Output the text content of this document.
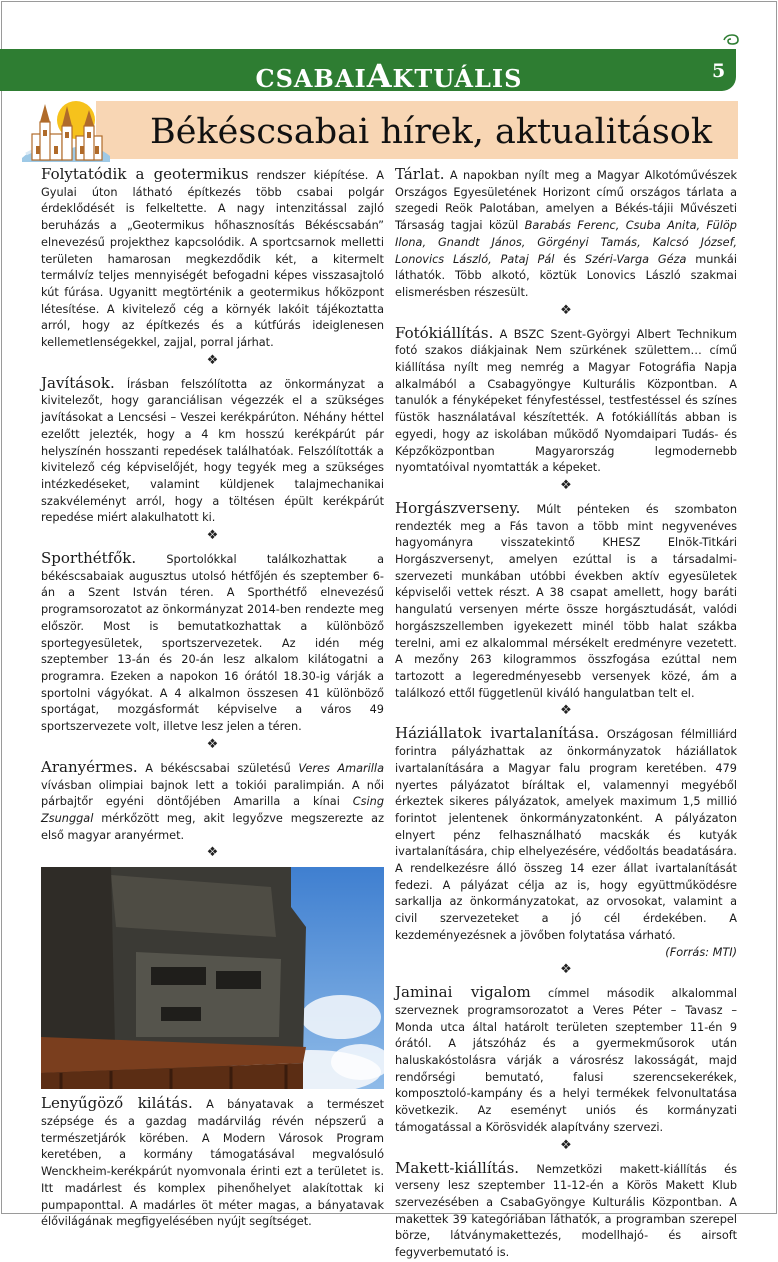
CSABAIAKTUÁLIS	5
Békéscsabai hírek, aktualitások

Folytatódik a geotermikus rendszer kiépítése. A Gyulai úton látható építkezés több csabai polgár érdeklődését is felkeltette. A nagy intenzitással zajló beruházás a „Geotermikus hőhasznosítás Békéscsabán” elnevezésű projekthez kapcsolódik. A sportcsarnok melletti területen hamarosan megkezdődik két, a kitermelt termálvíz teljes mennyiségét befogadni képes visszasajtoló kút fúrása. Ugyanitt megtörténik a geotermikus hőközpont létesítése. A kivitelező cég a környék lakóit tájékoztatta arról, hogy az építkezés és a kútfúrás ideiglenesen kellemetlenségekkel, zajjal, porral járhat.

❖

Javítások. Írásban felszólította az önkormányzat a kivitelezőt, hogy garanciálisan végezzék el a szükséges javításokat a Lencsési – Veszei kerékpárúton. Néhány héttel ezelőtt jelezték, hogy a 4 km hosszú kerékpárút pár helyszínén hosszanti repedések találhatóak. Felszólították a kivitelező cég képviselőjét, hogy tegyék meg a szükséges intézkedéseket, valamint küldjenek talajmechanikai szakvéleményt arról, hogy a töltésen épült kerékpárút repedése miért alakulhatott ki.

❖

Sporthétfők. Sportolókkal találkozhattak a békéscsabaiak augusztus utolsó hétfőjén és szeptember 6-án a Szent István téren. A Sporthétfő elnevezésű programsorozatot az önkormányzat 2014-ben rendezte meg először. Most is bemutatkozhattak a különböző sportegyesületek, sportszervezetek. Az idén még szeptember 13-án és 20-án lesz alkalom kilátogatni a programra. Ezeken a napokon 16 órától 18.30-ig várják a sportolni vágyókat. A 4 alkalmon összesen 41 különböző sportágat, mozgásformát képviselve a város 49 sportszervezete volt, illetve lesz jelen a téren.

❖

Aranyérmes. A békéscsabai születésű Veres Amarilla vívásban olimpiai bajnok lett a tokiói paralimpián. A női párbajtőr egyéni döntőjében Amarilla a kínai Csing Zsunggal mérkőzött meg, akit legyőzve megszerezte az első magyar aranyérmet.

❖

Lenyűgöző kilátás. A bányatavak a természet szépsége és a gazdag madárvilág révén népszerű a természetjárók körében. A Modern Városok Program keretében, a kormány támogatásával megvalósuló Wenckheim-kerékpárút nyomvonala érinti ezt a területet is. Itt madárlest és komplex pihenőhelyet alakítottak ki pumpaponttal. A madárles öt méter magas, a bányatavak élővilágának megfigyelésében nyújt segítséget.

Tárlat. A napokban nyílt meg a Magyar Alkotóművészek Országos Egyesületének Horizont című országos tárlata a szegedi Reök Palotában, amelyen a Békés-tájii Művészeti Társaság tagjai közül Barabás Ferenc, Csuba Anita, Fülöp Ilona, Gnandt János, Görgényi Tamás, Kalcsó József, Lonovics László, Pataj Pál és Széri-Varga Géza munkái láthatók. Több alkotó, köztük Lonovics László szakmai elismerésben részesült.

❖

Fotókiállítás. A BSZC Szent-Györgyi Albert Technikum fotó szakos diákjainak Nem szürkének születtem… című kiállítása nyílt meg nemrég a Magyar Fotográfia Napja alkalmából a Csabagyöngye Kulturális Központban. A tanulók a fényképeket fényfestéssel, testfestéssel és színes füstök használatával készítették. A fotókiállítás abban is egyedi, hogy az iskolában működő Nyomdaipari Tudás- és Képzőközpontban Magyarország legmodernebb nyomtatóival nyomtatták a képeket.

❖

Horgászverseny. Múlt pénteken és szombaton rendezték meg a Fás tavon a több mint negyvenéves hagyományra visszatekintő KHESZ Elnök-Titkári Horgászversenyt, amelyen ezúttal is a társadalmi-szervezeti munkában utóbbi években aktív egyesületek képviselői vettek részt. A 38 csapat amellett, hogy baráti hangulatú versenyen mérte össze horgásztudását, valódi horgászszellemben igyekezett minél több halat szákba terelni, ami ez alkalommal mérsékelt eredményre vezetett. A mezőny 263 kilogrammos összfogása ezúttal nem tartozott a legeredményesebb versenyek közé, ám a találkozó ettől függetlenül kiváló hangulatban telt el.

❖

Háziállatok ivartalanítása. Országosan félmilliárd forintra pályázhattak az önkormányzatok háziállatok ivartalanítására a Magyar falu program keretében. 479 nyertes pályázatot bíráltak el, valamennyi megyéből érkeztek sikeres pályázatok, amelyek maximum 1,5 millió forintot jelentenek önkormányzatonként. A pályázaton elnyert pénz felhasználható macskák és kutyák ivartalanítására, chip elhelyezésére, védőoltás beadatására. A rendelkezésre álló összeg 14 ezer állat ivartalanítását fedezi. A pályázat célja az is, hogy együttműködésre sarkallja az önkormányzatokat, az orvosokat, valamint a civil szervezeteket a jó cél érdekében. A kezdeményezésnek a jövőben folytatása várható.

(Forrás: MTI)

❖

Jaminai vigalom címmel második alkalommal szerveznek programsorozatot a Veres Péter – Tavasz – Monda utca által határolt területen szeptember 11-én 9 órától. A játszóház és a gyermekműsorok után haluskakóstolásra várják a városrész lakosságát, majd rendőrségi bemutató, falusi szerencsekerékek, komposztoló-kampány és a helyi termékek felvonultatása következik. Az eseményt uniós és kormányzati támogatással a Körösvidék alapítvány szervezi.

❖

Makett-kiállítás. Nemzetközi makett-kiállítás és verseny lesz szeptember 11-12-én a Körös Makett Klub szervezésében a CsabaGyöngye Kulturális Központban. A makettek 39 kategóriában láthatók, a programban szerepel börze, látványmakettezés, modellhajó- és airsoft fegyverbemutató is.
